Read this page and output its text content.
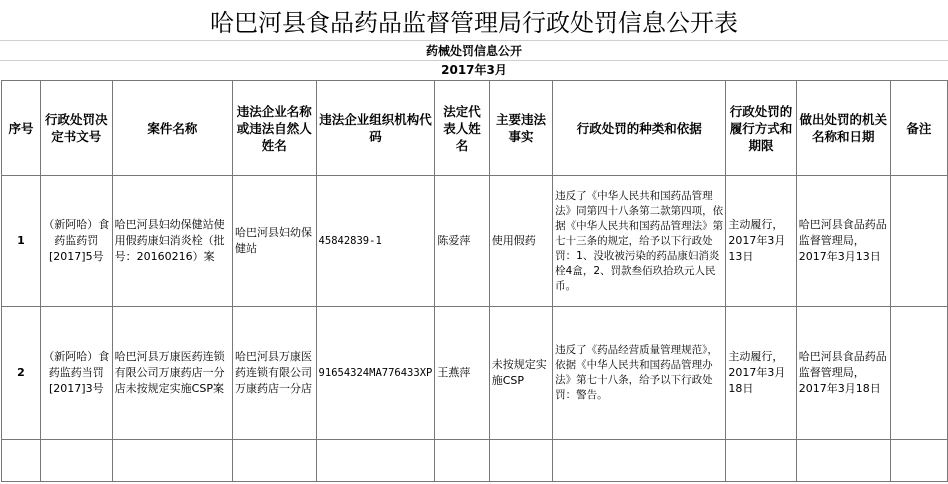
哈巴河县食品药品监督管理局行政处罚信息公开表
药械处罚信息公开
2017年3月
序号	行政处罚决定书文号	案件名称	违法企业名称或违法自然人姓名	违法企业组织机构代码	法定代表人姓名	主要违法事实	行政处罚的种类和依据	行政处罚的履行方式和期限	做出处罚的机关名称和日期	备注
1	（新阿哈）食药监药罚[2017]5号	哈巴河县妇幼保健站使用假药康妇消炎栓（批号：20160216）案	哈巴河县妇幼保健站	45842839-1	陈爱萍	使用假药	违反了《中华人民共和国药品管理法》同第四十八条第二款第四项，依据《中华人民共和国药品管理法》第七十三条的规定，给予以下行政处罚：1、没收被污染的药品康妇消炎栓4盒，2、罚款叁佰玖拾玖元人民币。	主动履行，2017年3月13日	哈巴河县食品药品监督管理局，2017年3月13日	
2	（新阿哈）食药监药当罚[2017]3号	哈巴河县万康医药连锁有限公司万康药店一分店未按规定实施CSP案	哈巴河县万康医药连锁有限公司万康药店一分店	91654324MA776433XP	王燕萍	未按规定实施CSP	违反了《药品经营质量管理规范》，依据《中华人民共和国药品管理办法》第七十八条，给予以下行政处罚：警告。	主动履行，2017年3月18日	哈巴河县食品药品监督管理局，2017年3月18日	
